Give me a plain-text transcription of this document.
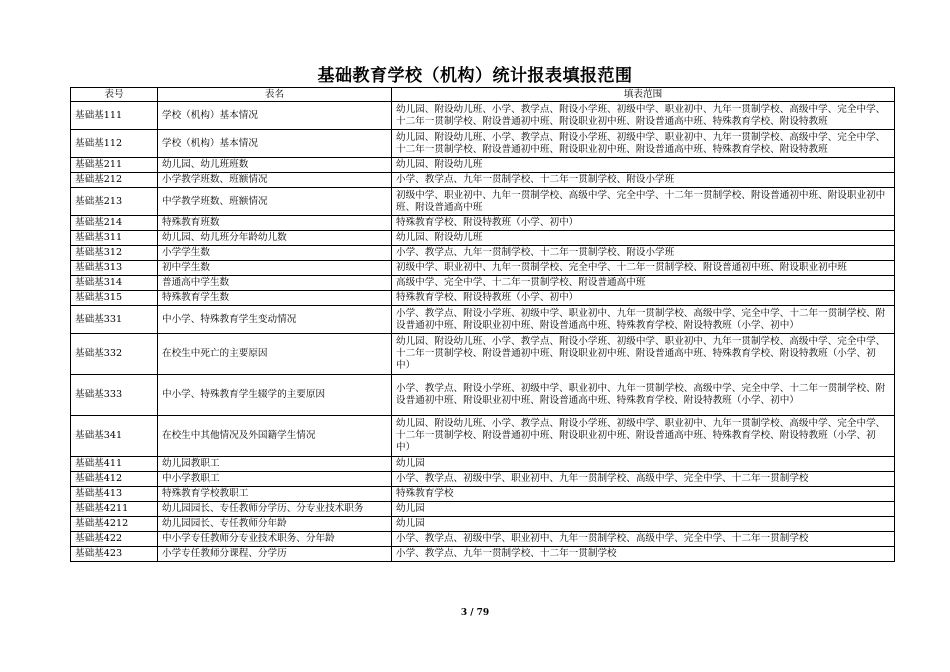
基础教育学校（机构）统计报表填报范围
表号	表名	填表范围
基础基111	学校（机构）基本情况	幼儿园、附设幼儿班、小学、教学点、附设小学班、初级中学、职业初中、九年一贯制学校、高级中学、完全中学、十二年一贯制学校、附设普通初中班、附设职业初中班、附设普通高中班、特殊教育学校、附设特教班
基础基112	学校（机构）基本情况	幼儿园、附设幼儿班、小学、教学点、附设小学班、初级中学、职业初中、九年一贯制学校、高级中学、完全中学、十二年一贯制学校、附设普通初中班、附设职业初中班、附设普通高中班、特殊教育学校、附设特教班
基础基211	幼儿园、幼儿班班数	幼儿园、附设幼儿班
基础基212	小学教学班数、班额情况	小学、教学点、九年一贯制学校、十二年一贯制学校、附设小学班
基础基213	中学教学班数、班额情况	初级中学、职业初中、九年一贯制学校、高级中学、完全中学、十二年一贯制学校、附设普通初中班、附设职业初中班、附设普通高中班
基础基214	特殊教育班数	特殊教育学校、附设特教班（小学、初中）
基础基311	幼儿园、幼儿班分年龄幼儿数	幼儿园、附设幼儿班
基础基312	小学学生数	小学、教学点、九年一贯制学校、十二年一贯制学校、附设小学班
基础基313	初中学生数	初级中学、职业初中、九年一贯制学校、完全中学、十二年一贯制学校、附设普通初中班、附设职业初中班
基础基314	普通高中学生数	高级中学、完全中学、十二年一贯制学校、附设普通高中班
基础基315	特殊教育学生数	特殊教育学校、附设特教班（小学、初中）
基础基331	中小学、特殊教育学生变动情况	小学、教学点、附设小学班、初级中学、职业初中、九年一贯制学校、高级中学、完全中学、十二年一贯制学校、附设普通初中班、附设职业初中班、附设普通高中班、特殊教育学校、附设特教班（小学、初中）
基础基332	在校生中死亡的主要原因	幼儿园、附设幼儿班、小学、教学点、附设小学班、初级中学、职业初中、九年一贯制学校、高级中学、完全中学、十二年一贯制学校、附设普通初中班、附设职业初中班、附设普通高中班、特殊教育学校、附设特教班（小学、初中）
基础基333	中小学、特殊教育学生辍学的主要原因	小学、教学点、附设小学班、初级中学、职业初中、九年一贯制学校、高级中学、完全中学、十二年一贯制学校、附设普通初中班、附设职业初中班、附设普通高中班、特殊教育学校、附设特教班（小学、初中）
基础基341	在校生中其他情况及外国籍学生情况	幼儿园、附设幼儿班、小学、教学点、附设小学班、初级中学、职业初中、九年一贯制学校、高级中学、完全中学、十二年一贯制学校、附设普通初中班、附设职业初中班、附设普通高中班、特殊教育学校、附设特教班（小学、初中）
基础基411	幼儿园教职工	幼儿园
基础基412	中小学教职工	小学、教学点、初级中学、职业初中、九年一贯制学校、高级中学、完全中学、十二年一贯制学校
基础基413	特殊教育学校教职工	特殊教育学校
基础基4211	幼儿园园长、专任教师分学历、分专业技术职务	幼儿园
基础基4212	幼儿园园长、专任教师分年龄	幼儿园
基础基422	中小学专任教师分专业技术职务、分年龄	小学、教学点、初级中学、职业初中、九年一贯制学校、高级中学、完全中学、十二年一贯制学校
基础基423	小学专任教师分课程、分学历	小学、教学点、九年一贯制学校、十二年一贯制学校
3 / 79
